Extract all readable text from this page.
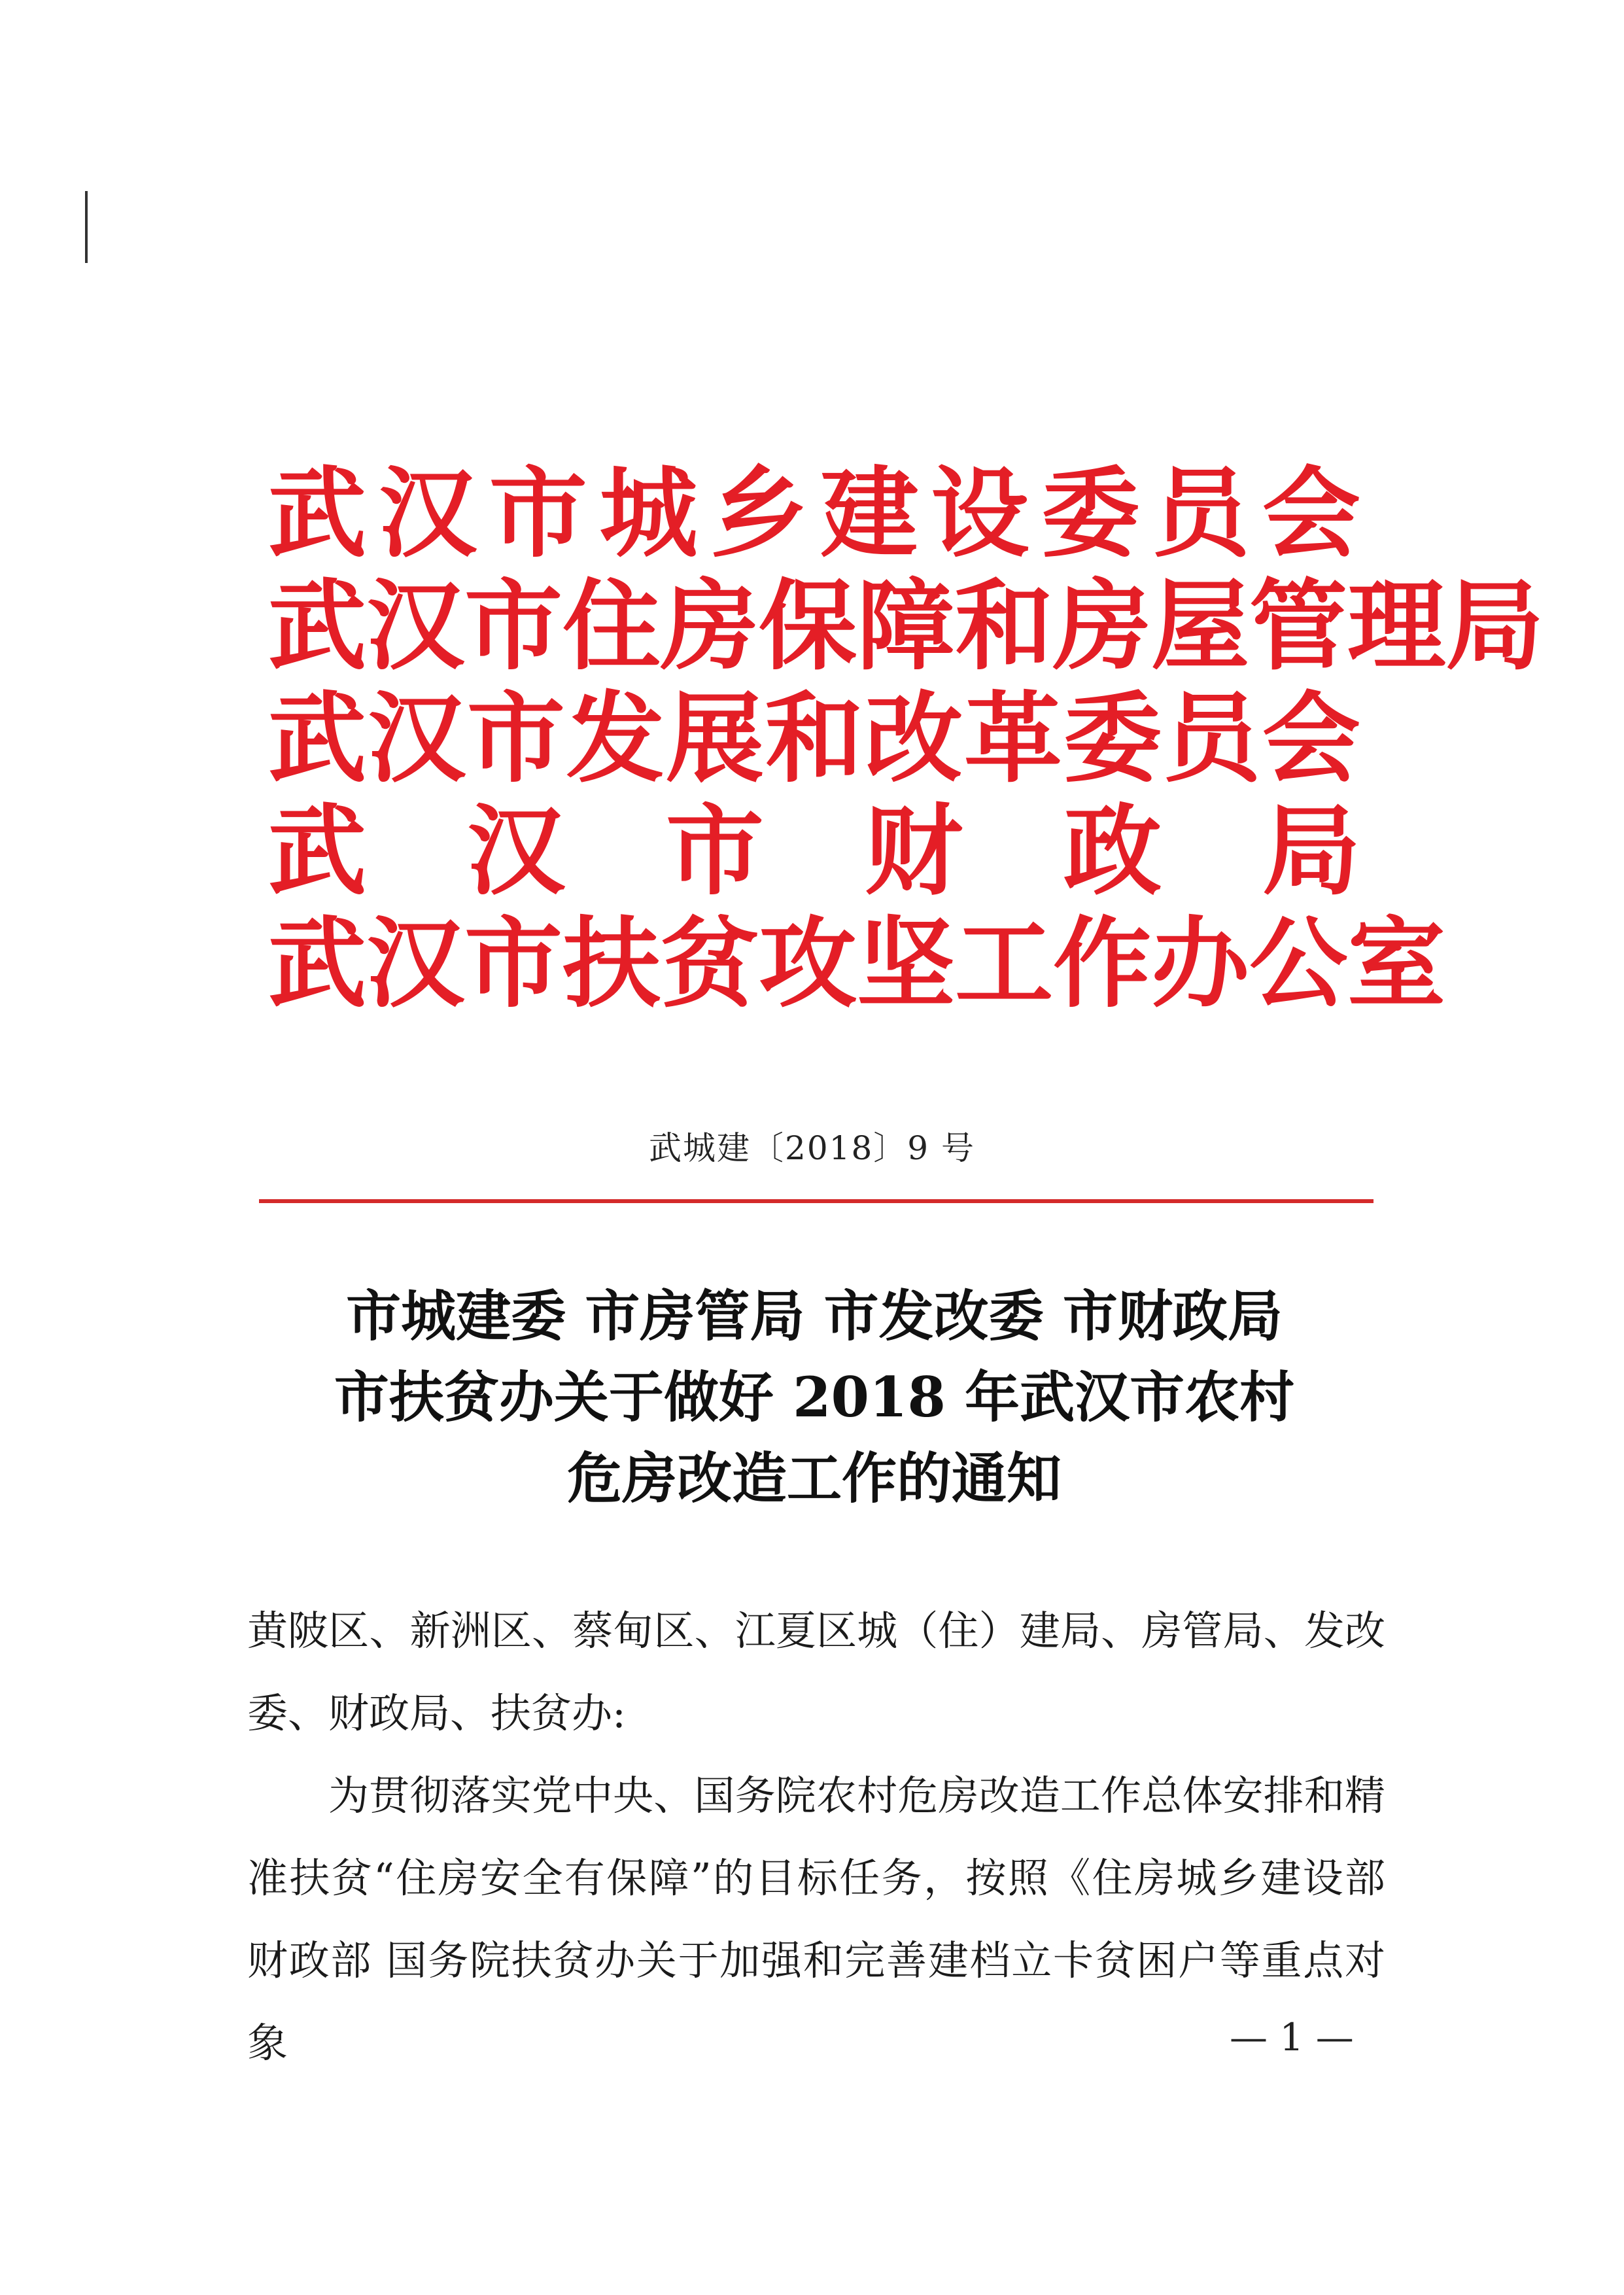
武 汉 市 城 乡 建 设 委 员 会
武 汉 市 住 房 保 障 和 房 屋 管 理 局
武 汉 市 发 展 和 改 革 委 员 会
武 汉 市 财 政 局
武 汉 市 扶 贫 攻 坚 工 作 办 公 室
武城建〔2018〕9 号
市城建委 市房管局 市发改委 市财政局
市扶贫办关于做好 2018 年武汉市农村
危房改造工作的通知

黄陂区、新洲区、蔡甸区、江夏区城（住）建局、房管局、发改委、财政局、扶贫办:

为贯彻落实党中央、国务院农村危房改造工作总体安排和精准扶贫“住房安全有保障”的目标任务，按照《住房城乡建设部 财政部 国务院扶贫办关于加强和完善建档立卡贫困户等重点对象	— 1 —
